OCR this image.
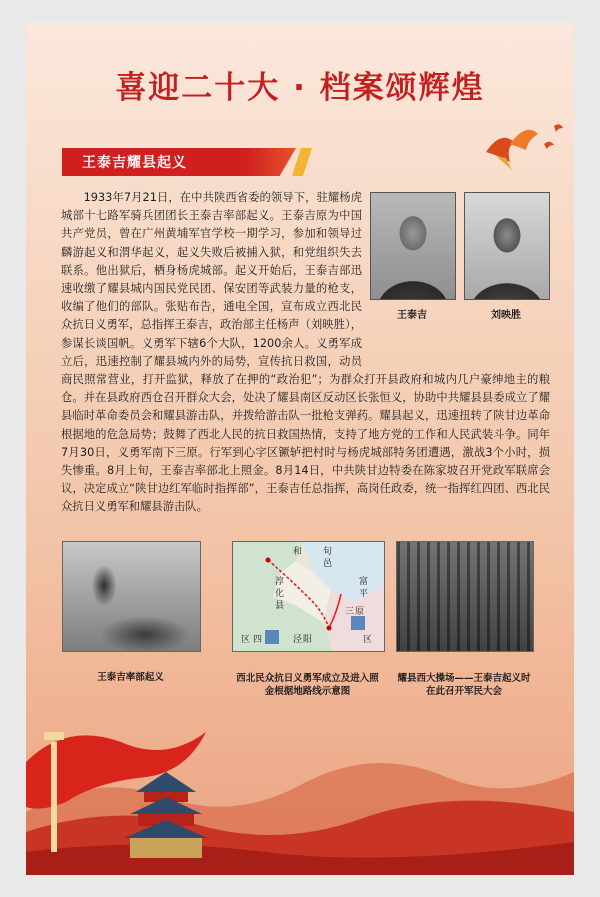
喜迎二十大 · 档案颂辉煌
王泰吉耀县起义
王泰吉	刘映胜
1933年7月21日，在中共陕西省委的领导下，驻耀杨虎城部十七路军骑兵团团长王泰吉率部起义。王泰吉原为中国共产党员，曾在广州黄埔军官学校一期学习，参加和领导过麟游起义和渭华起义，起义失败后被捕入狱，和党组织失去联系。他出狱后，栖身杨虎城部。起义开始后，王泰吉部迅速收缴了耀县城内国民党民团、保安团等武装力量的枪支，收编了他们的部队。张贴布告，通电全国，宣布成立西北民众抗日义勇军，总指挥王泰吉，政治部主任杨声（刘映胜），参谋长谈国帆。义勇军下辖6个大队，1200余人。义勇军成立后，迅速控制了耀县城内外的局势，宣传抗日救国，动员商民照常营业，打开监狱，释放了在押的“政治犯”；为群众打开县政府和城内几户豪绅地主的粮仓。并在县政府西仓召开群众大会，处决了耀县南区反动区长张恒义，协助中共耀县县委成立了耀县临时革命委员会和耀县游击队，并拨给游击队一批枪支弹药。耀县起义，迅速扭转了陕甘边革命根据地的危急局势；鼓舞了西北人民的抗日救国热情，支持了地方党的工作和人民武装斗争。同年7月30日，义勇军南下三原。行军到心字区镢轳把村时与杨虎城部特务团遭遇，激战3个小时，损失惨重。8月上旬，王泰吉率部北上照金。8月14日，中共陕甘边特委在陈家坡召开党政军联席会议，决定成立“陕甘边红军临时指挥部”，王泰吉任总指挥，高岗任政委，统一指挥红四团、西北民众抗日义勇军和耀县游击队。
和 旬
邑
淳
化
县
富
平
三 原
泾 阳
四	区
区
王泰吉率部起义	西北民众抗日义勇军成立及进入照金根据地路线示意图
耀县西大操场——王泰吉起义时在此召开军民大会
